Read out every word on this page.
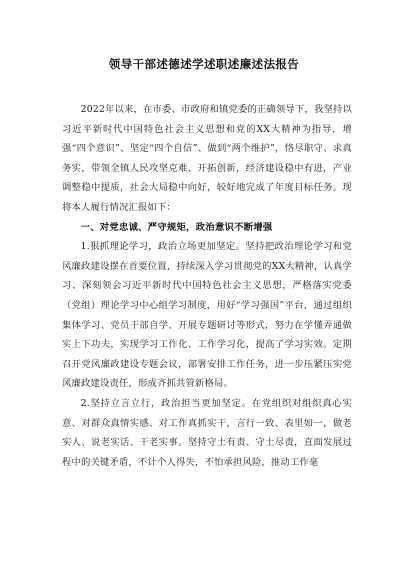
领导干部述德述学述职述廉述法报告

2022年以来，在市委、市政府和镇党委的正确领导下，我坚持以习近平新时代中国特色社会主义思想和党的XX大精神为指导，增强“四个意识”、坚定“四个自信”、做到“两个维护”，恪尽职守、求真务实，带领全镇人民攻坚克难、开拓创新，经济建设稳中有进，产业调整稳中提质，社会大局稳中向好，较好地完成了年度目标任务。现将本人履行情况汇报如下：

一、对党忠诚、严守规矩，政治意识不断增强

1.狠抓理论学习，政治立场更加坚定。坚持把政治理论学习和党风廉政建设摆在首要位置，持续深入学习贯彻党的XX大精神，认真学习、深刻领会习近平新时代中国特色社会主义思想，严格落实党委（党组）理论学习中心组学习制度，用好“学习强国”平台，通过组织集体学习、党员干部自学、开展专题研讨等形式，努力在学懂弄通做实上下功夫，实现学习工作化、工作学习化，提高了学习实效。定期召开党风廉政建设专题会议，部署安排工作任务，进一步压紧压实党风廉政建设责任，形成齐抓共管新格局。

2.坚持立言立行，政治担当更加坚定。在党组织对组织真心实意、对群众真情实感、对工作真抓实干，言行一致、表里如一，做老实人、说老实话、干老实事。坚持守土有责、守土尽责，直面发展过程中的关键矛盾，不计个人得失，不怕承担风险，推动工作毫
